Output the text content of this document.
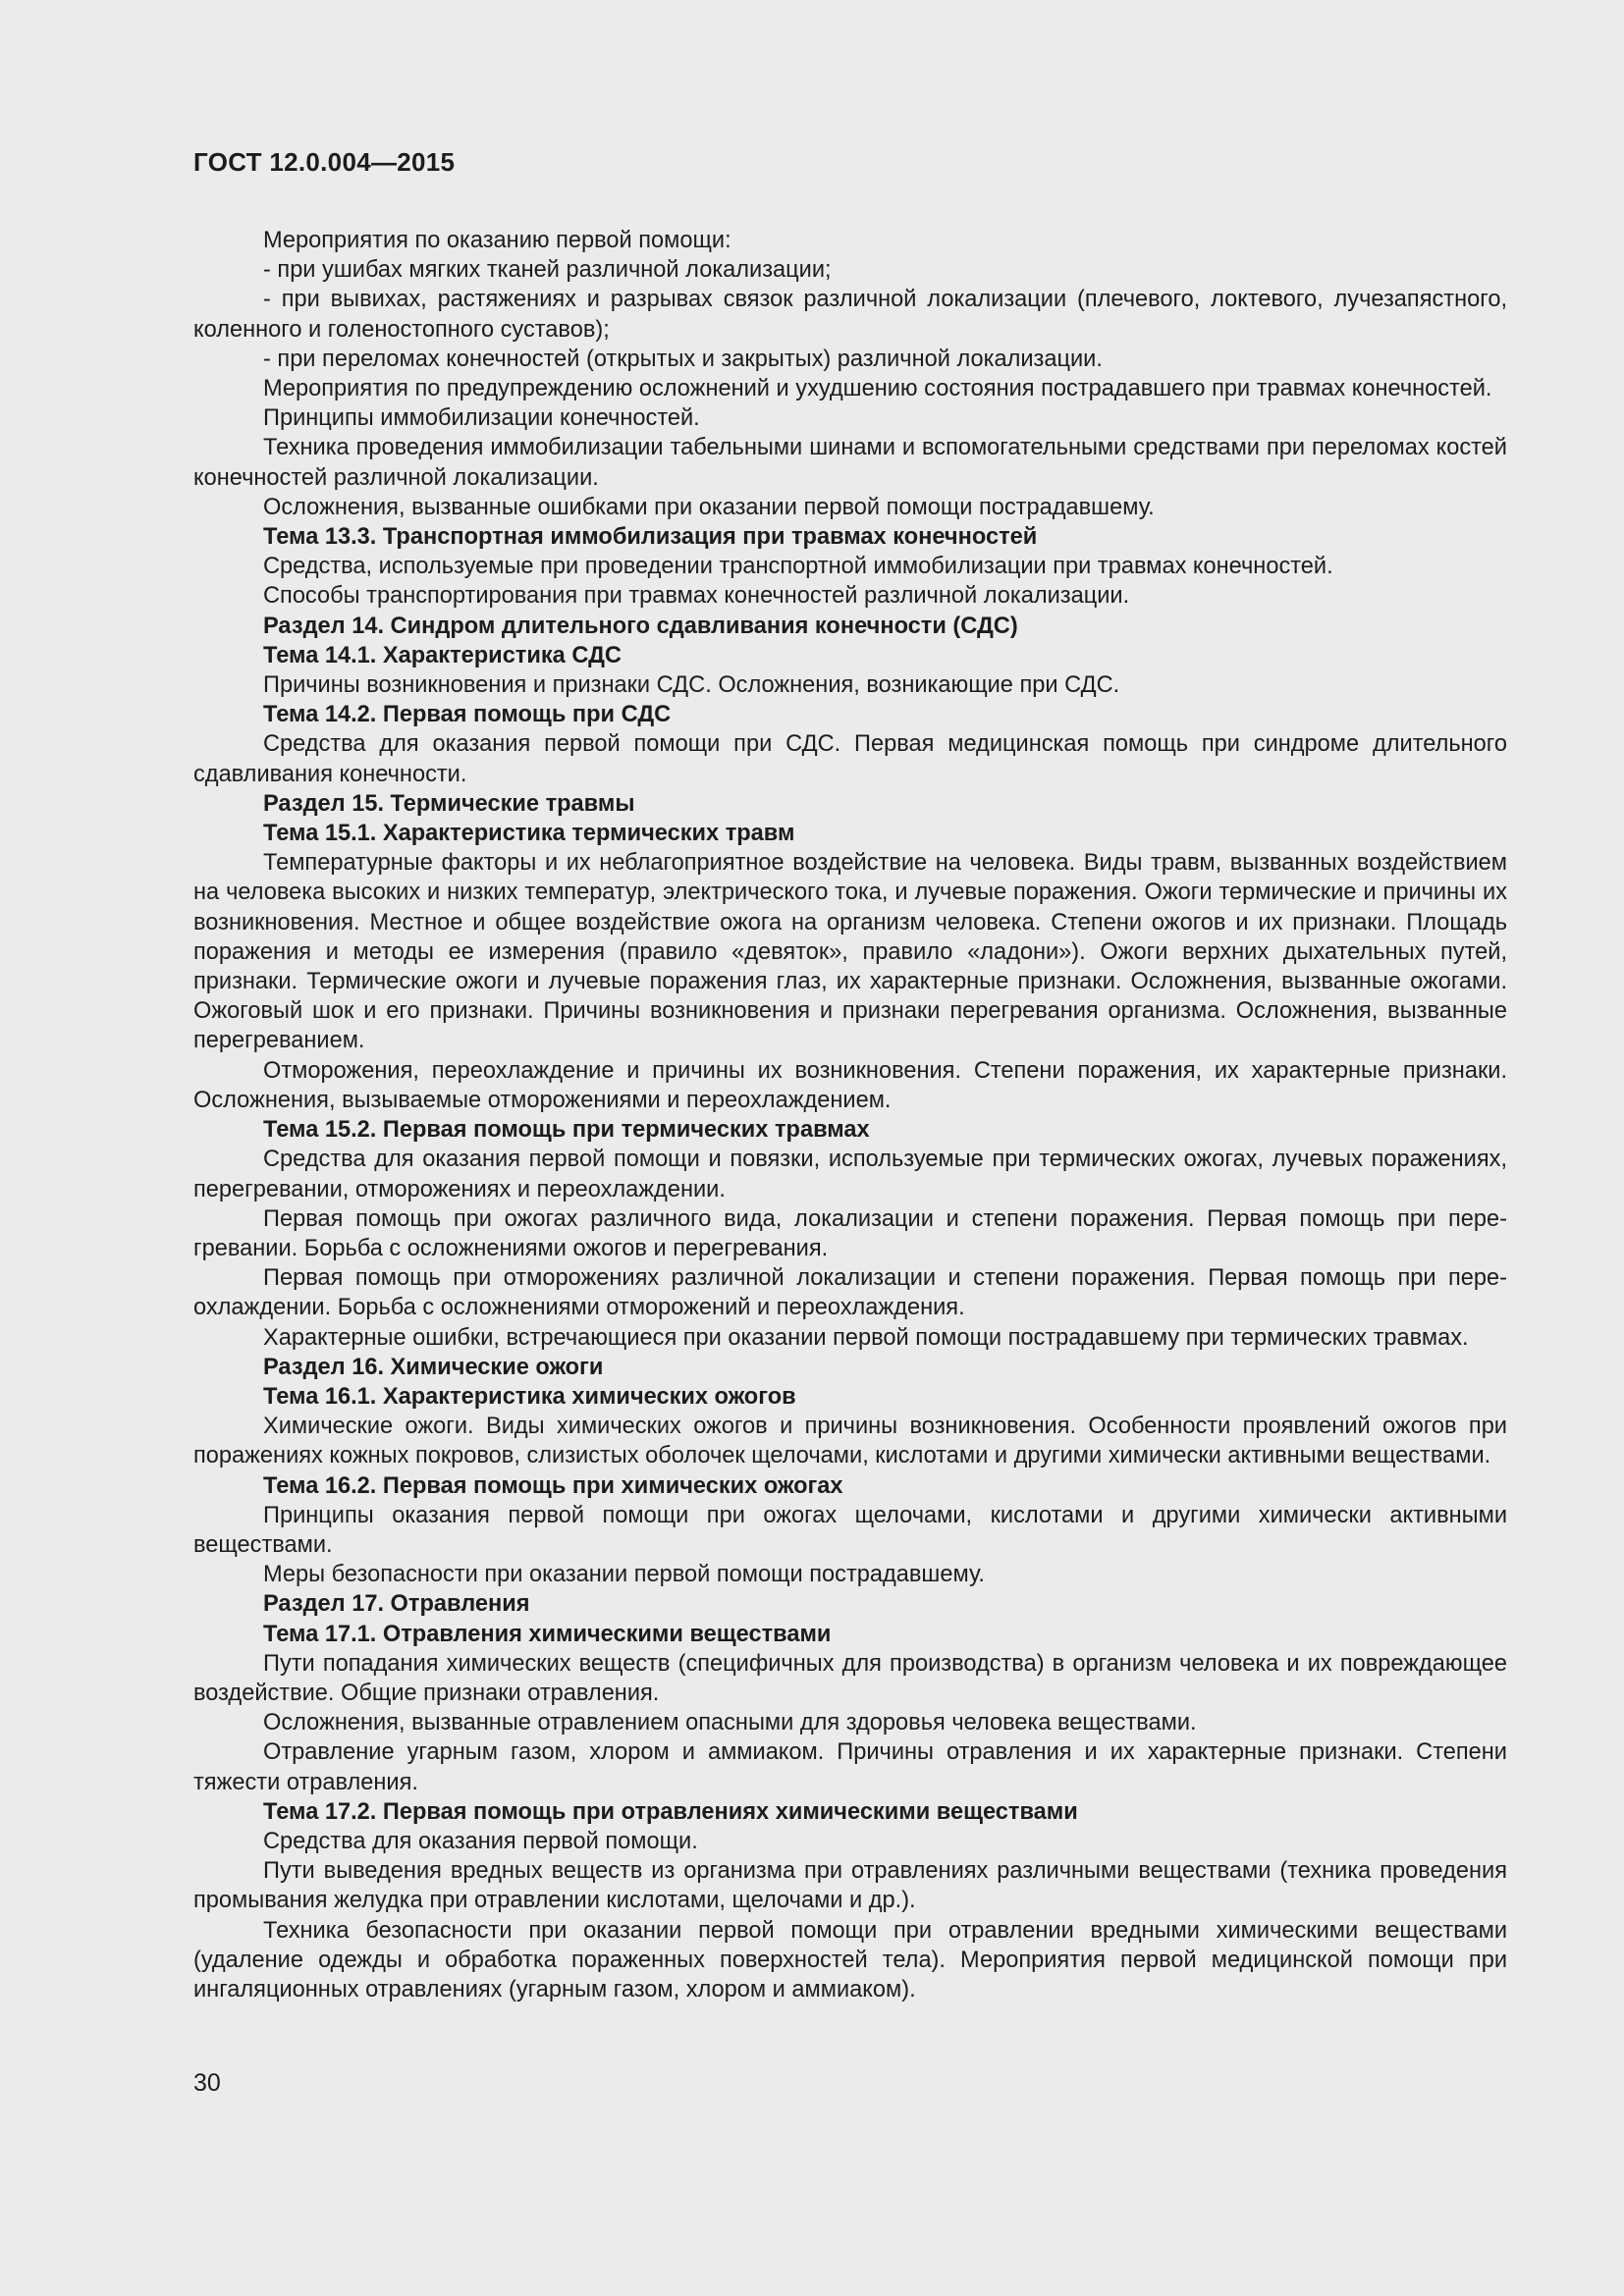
ГОСТ 12.0.004—2015

Мероприятия по оказанию первой помощи:

- при ушибах мягких тканей различной локализации;

- при вывихах, растяжениях и разрывах связок различной локализации (плечевого, локтевого, лучезапястного, коленного и голеностопного суставов);

- при переломах конечностей (открытых и закрытых) различной локализации.

Мероприятия по предупреждению осложнений и ухудшению состояния пострадавшего при травмах конечностей.

Принципы иммобилизации конечностей.

Техника проведения иммобилизации табельными шинами и вспомогательными средствами при переломах костей конечностей различной локализации.

Осложнения, вызванные ошибками при оказании первой помощи пострадавшему.

Тема 13.3. Транспортная иммобилизация при травмах конечностей

Средства, используемые при проведении транспортной иммобилизации при травмах конечностей.

Способы транспортирования при травмах конечностей различной локализации.

Раздел 14. Синдром длительного сдавливания конечности (СДС)

Тема 14.1. Характеристика СДС

Причины возникновения и признаки СДС. Осложнения, возникающие при СДС.

Тема 14.2. Первая помощь при СДС

Средства для оказания первой помощи при СДС. Первая медицинская помощь при синдроме длительного сдавливания конечности.

Раздел 15. Термические травмы

Тема 15.1. Характеристика термических травм

Температурные факторы и их неблагоприятное воздействие на человека. Виды травм, вызванных воздействием на человека высоких и низких температур, электрического тока, и лучевые поражения. Ожоги термические и причины их возникновения. Местное и общее воздействие ожога на организм человека. Степени ожогов и их признаки. Площадь поражения и методы ее измерения (правило «девяток», правило «ладони»). Ожоги верхних дыхательных путей, признаки. Термические ожоги и лучевые поражения глаз, их характерные признаки. Осложнения, вызванные ожогами. Ожоговый шок и его признаки. Причины возникновения и признаки перегревания организма. Осложнения, вызванные перегреванием.

Отморожения, переохлаждение и причины их возникновения. Степени поражения, их характерные признаки. Осложнения, вызываемые отморожениями и переохлаждением.

Тема 15.2. Первая помощь при термических травмах

Средства для оказания первой помощи и повязки, используемые при термических ожогах, лучевых поражениях, перегревании, отморожениях и переохлаждении.

Первая помощь при ожогах различного вида, локализации и степени поражения. Первая помощь при перегревании. Борьба с осложнениями ожогов и перегревания.

Первая помощь при отморожениях различной локализации и степени поражения. Первая помощь при переохлаждении. Борьба с осложнениями отморожений и переохлаждения.

Характерные ошибки, встречающиеся при оказании первой помощи пострадавшему при термических травмах.

Раздел 16. Химические ожоги

Тема 16.1. Характеристика химических ожогов

Химические ожоги. Виды химических ожогов и причины возникновения. Особенности проявлений ожогов при поражениях кожных покровов, слизистых оболочек щелочами, кислотами и другими химически активными веществами.

Тема 16.2. Первая помощь при химических ожогах

Принципы оказания первой помощи при ожогах щелочами, кислотами и другими химически активными веществами.

Меры безопасности при оказании первой помощи пострадавшему.

Раздел 17. Отравления

Тема 17.1. Отравления химическими веществами

Пути попадания химических веществ (специфичных для производства) в организм человека и их повреждающее воздействие. Общие признаки отравления.

Осложнения, вызванные отравлением опасными для здоровья человека веществами.

Отравление угарным газом, хлором и аммиаком. Причины отравления и их характерные признаки. Степени тяжести отравления.

Тема 17.2. Первая помощь при отравлениях химическими веществами

Средства для оказания первой помощи.

Пути выведения вредных веществ из организма при отравлениях различными веществами (техника проведения промывания желудка при отравлении кислотами, щелочами и др.).

Техника безопасности при оказании первой помощи при отравлении вредными химическими веществами (удаление одежды и обработка пораженных поверхностей тела). Мероприятия первой медицинской помощи при ингаляционных отравлениях (угарным газом, хлором и аммиаком).

30
